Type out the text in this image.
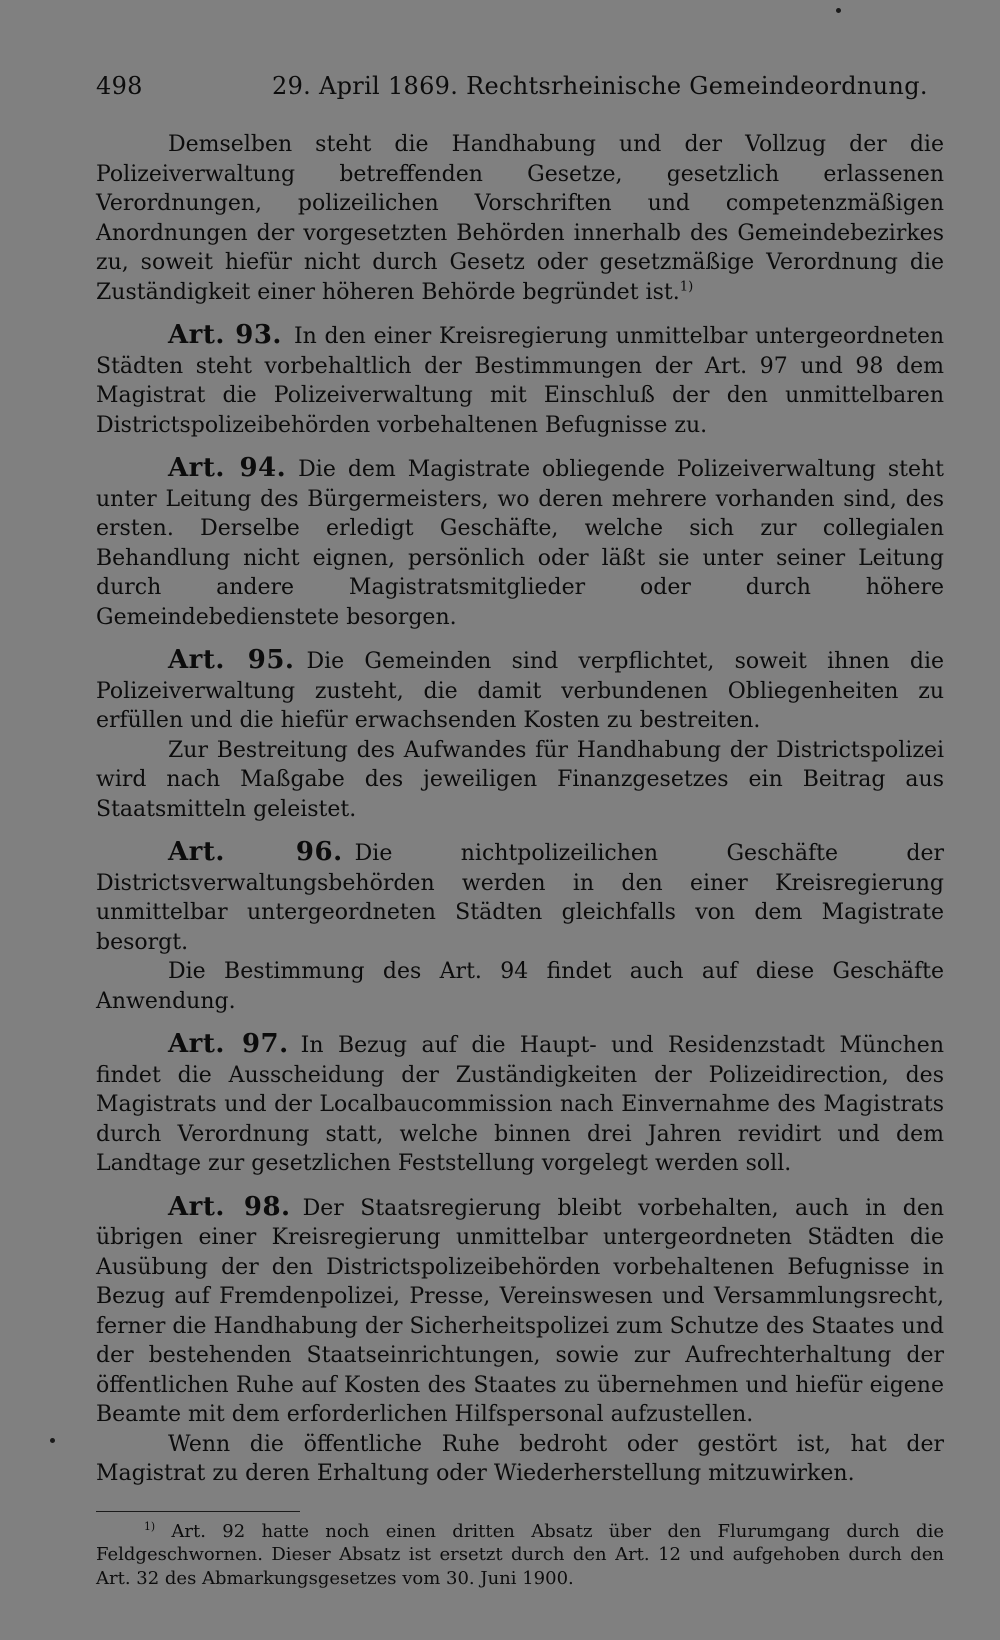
498	29. April 1869. Rechtsrheinische Gemeindeordnung.

Demselben steht die Handhabung und der Vollzug der die Polizeiverwaltung betreffenden Gesetze, gesetzlich erlassenen Verordnungen, polizeilichen Vorschriften und competenzmäßigen Anordnungen der vorgesetzten Behörden innerhalb des Gemeindebezirkes zu, soweit hiefür nicht durch Gesetz oder gesetzmäßige Verordnung die Zuständigkeit einer höheren Behörde begründet ist.$^{1)}$

Art. 93. In den einer Kreisregierung unmittelbar untergeordneten Städten steht vorbehaltlich der Bestimmungen der Art. 97 und 98 dem Magistrat die Polizeiverwaltung mit Einschluß der den unmittelbaren Districtspolizeibehörden vorbehaltenen Befugnisse zu.

Art. 94. Die dem Magistrate obliegende Polizeiverwaltung steht unter Leitung des Bürgermeisters, wo deren mehrere vorhanden sind, des ersten. Derselbe erledigt Geschäfte, welche sich zur collegialen Behandlung nicht eignen, persönlich oder läßt sie unter seiner Leitung durch andere Magistratsmitglieder oder durch höhere Gemeindebedienstete besorgen.

Art. 95. Die Gemeinden sind verpflichtet, soweit ihnen die Polizeiverwaltung zusteht, die damit verbundenen Obliegenheiten zu erfüllen und die hiefür erwachsenden Kosten zu bestreiten.

Zur Bestreitung des Aufwandes für Handhabung der Districtspolizei wird nach Maßgabe des jeweiligen Finanzgesetzes ein Beitrag aus Staatsmitteln geleistet.

Art. 96. Die nichtpolizeilichen Geschäfte der Districtsverwaltungsbehörden werden in den einer Kreisregierung unmittelbar untergeordneten Städten gleichfalls von dem Magistrate besorgt.

Die Bestimmung des Art. 94 findet auch auf diese Geschäfte Anwendung.

Art. 97. In Bezug auf die Haupt- und Residenzstadt München findet die Ausscheidung der Zuständigkeiten der Polizeidirection, des Magistrats und der Localbaucommission nach Einvernahme des Magistrats durch Verordnung statt, welche binnen drei Jahren revidirt und dem Landtage zur gesetzlichen Feststellung vorgelegt werden soll.

Art. 98. Der Staatsregierung bleibt vorbehalten, auch in den übrigen einer Kreisregierung unmittelbar untergeordneten Städten die Ausübung der den Districtspolizeibehörden vorbehaltenen Befugnisse in Bezug auf Fremdenpolizei, Presse, Vereinswesen und Versammlungsrecht, ferner die Handhabung der Sicherheitspolizei zum Schutze des Staates und der bestehenden Staatseinrichtungen, sowie zur Aufrechterhaltung der öffentlichen Ruhe auf Kosten des Staates zu übernehmen und hiefür eigene Beamte mit dem erforderlichen Hilfspersonal aufzustellen.

Wenn die öffentliche Ruhe bedroht oder gestört ist, hat der Magistrat zu deren Erhaltung oder Wiederherstellung mitzuwirken.

$^{1)}$ Art. 92 hatte noch einen dritten Absatz über den Flurumgang durch die Feldgeschwornen. Dieser Absatz ist ersetzt durch den Art. 12 und aufgehoben durch den Art. 32 des Abmarkungsgesetzes vom 30. Juni 1900.
